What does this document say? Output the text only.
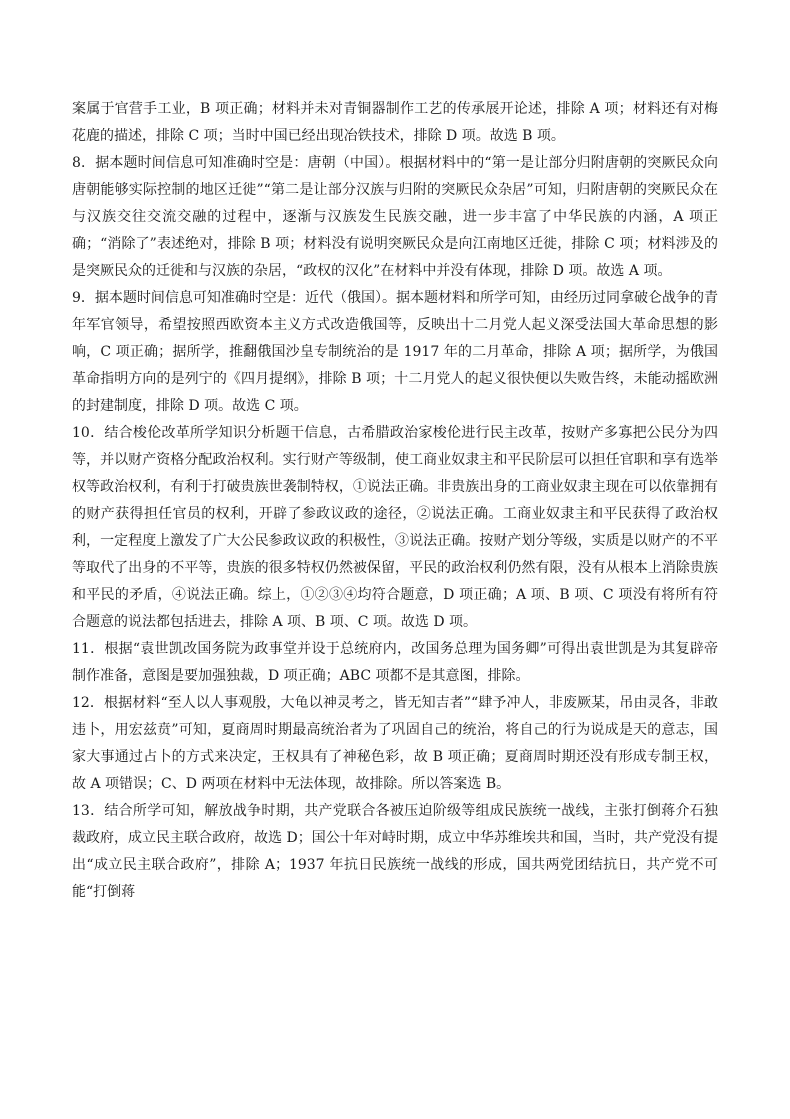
案属于官营手工业，B 项正确；材料并未对青铜器制作工艺的传承展开论述，排除 A 项；材料还有对梅花鹿的描述，排除 C 项；当时中国已经出现冶铁技术，排除 D 项。故选 B 项。

8．据本题时间信息可知准确时空是：唐朝（中国）。根据材料中的“第一是让部分归附唐朝的突厥民众向唐朝能够实际控制的地区迁徙”“第二是让部分汉族与归附的突厥民众杂居”可知，归附唐朝的突厥民众在与汉族交往交流交融的过程中，逐渐与汉族发生民族交融，进一步丰富了中华民族的内涵，A 项正确；“消除了”表述绝对，排除 B 项；材料没有说明突厥民众是向江南地区迁徙，排除 C 项；材料涉及的是突厥民众的迁徙和与汉族的杂居，“政权的汉化”在材料中并没有体现，排除 D 项。故选 A 项。

9．据本题时间信息可知准确时空是：近代（俄国）。据本题材料和所学可知，由经历过同拿破仑战争的青年军官领导，希望按照西欧资本主义方式改造俄国等，反映出十二月党人起义深受法国大革命思想的影响，C 项正确；据所学，推翻俄国沙皇专制统治的是 1917 年的二月革命，排除 A 项；据所学，为俄国革命指明方向的是列宁的《四月提纲》，排除 B 项；十二月党人的起义很快便以失败告终，未能动摇欧洲的封建制度，排除 D 项。故选 C 项。

10．结合梭伦改革所学知识分析题干信息，古希腊政治家梭伦进行民主改革，按财产多寡把公民分为四等，并以财产资格分配政治权利。实行财产等级制，使工商业奴隶主和平民阶层可以担任官职和享有选举权等政治权利，有利于打破贵族世袭制特权，①说法正确。非贵族出身的工商业奴隶主现在可以依靠拥有的财产获得担任官员的权利，开辟了参政议政的途径，②说法正确。工商业奴隶主和平民获得了政治权利，一定程度上激发了广大公民参政议政的积极性，③说法正确。按财产划分等级，实质是以财产的不平等取代了出身的不平等，贵族的很多特权仍然被保留，平民的政治权利仍然有限，没有从根本上消除贵族和平民的矛盾，④说法正确。综上，①②③④均符合题意，D 项正确；A 项、B 项、C 项没有将所有符合题意的说法都包括进去，排除 A 项、B 项、C 项。故选 D 项。

11．根据“袁世凯改国务院为政事堂并设于总统府内，改国务总理为国务卿”可得出袁世凯是为其复辟帝制作准备，意图是要加强独裁，D 项正确；ABC 项都不是其意图，排除。

12．根据材料“至人以人事观殷，大龟以神灵考之，皆无知吉者”“肆予冲人，非废厥某，吊由灵各，非敢违卜，用宏兹贲”可知，夏商周时期最高统治者为了巩固自己的统治，将自己的行为说成是天的意志，国家大事通过占卜的方式来决定，王权具有了神秘色彩，故 B 项正确；夏商周时期还没有形成专制王权，故 A 项错误；C、D 两项在材料中无法体现，故排除。所以答案选 B。

13．结合所学可知，解放战争时期，共产党联合各被压迫阶级等组成民族统一战线，主张打倒蒋介石独裁政府，成立民主联合政府，故选 D；国公十年对峙时期，成立中华苏维埃共和国，当时，共产党没有提出“成立民主联合政府”，排除 A；1937 年抗日民族统一战线的形成，国共两党团结抗日，共产党不可能“打倒蒋
